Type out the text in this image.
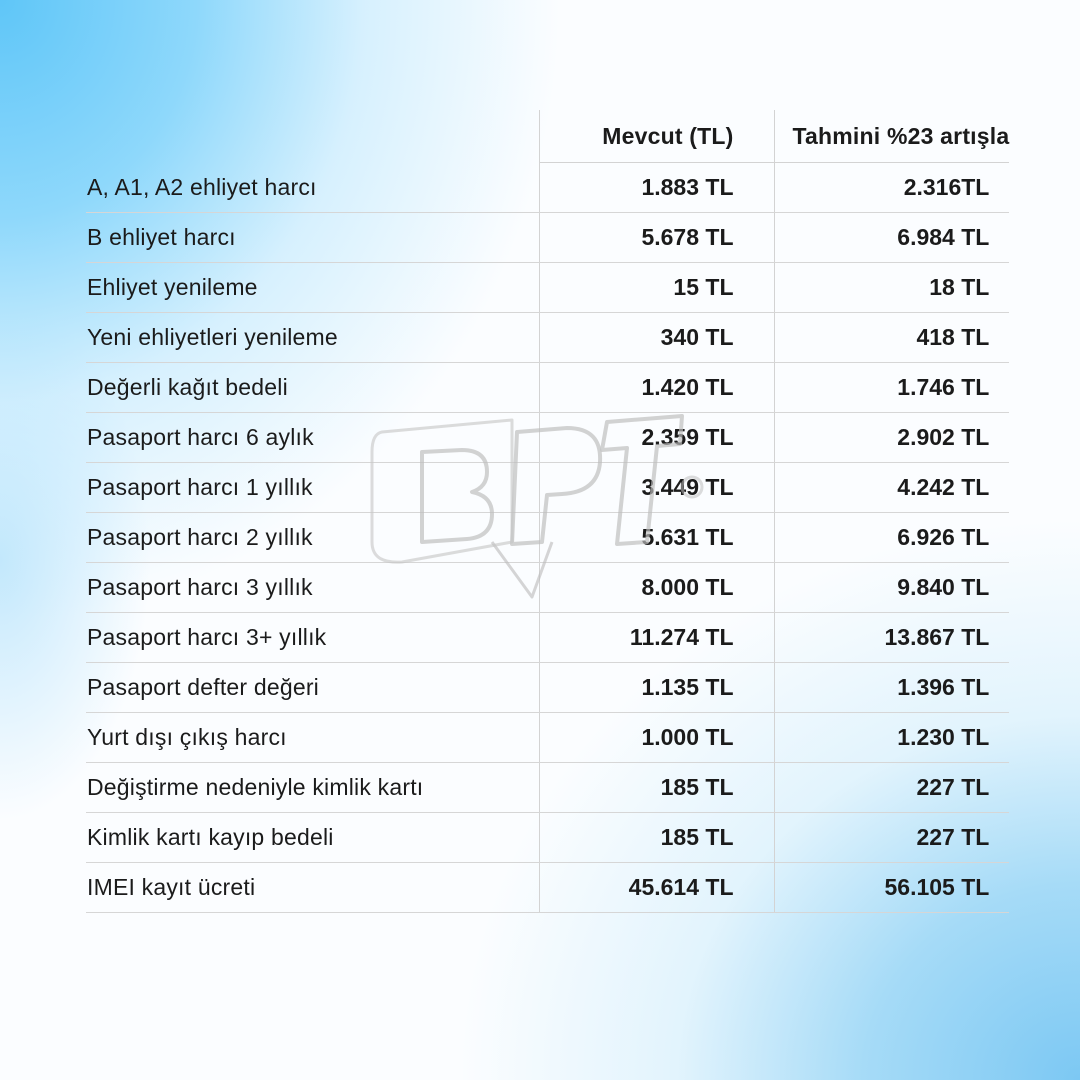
	Mevcut (TL)	Tahmini %23 artışla
A, A1, A2 ehliyet harcı	1.883 TL	2.316TL
B ehliyet harcı	5.678 TL	6.984 TL
Ehliyet yenileme	15 TL	18 TL
Yeni ehliyetleri yenileme	340 TL	418 TL
Değerli kağıt bedeli	1.420 TL	1.746 TL
Pasaport harcı 6 aylık	2.359 TL	2.902 TL
Pasaport harcı 1 yıllık	3.449 TL	4.242 TL
Pasaport harcı 2 yıllık	5.631 TL	6.926 TL
Pasaport harcı 3 yıllık	8.000 TL	9.840 TL
Pasaport harcı 3+ yıllık	11.274 TL	13.867 TL
Pasaport defter değeri	1.135 TL	1.396 TL
Yurt dışı çıkış harcı	1.000 TL	1.230 TL
Değiştirme nedeniyle kimlik kartı	185 TL	227 TL
Kimlik kartı kayıp bedeli	185 TL	227 TL
IMEI kayıt ücreti	45.614 TL	56.105 TL
